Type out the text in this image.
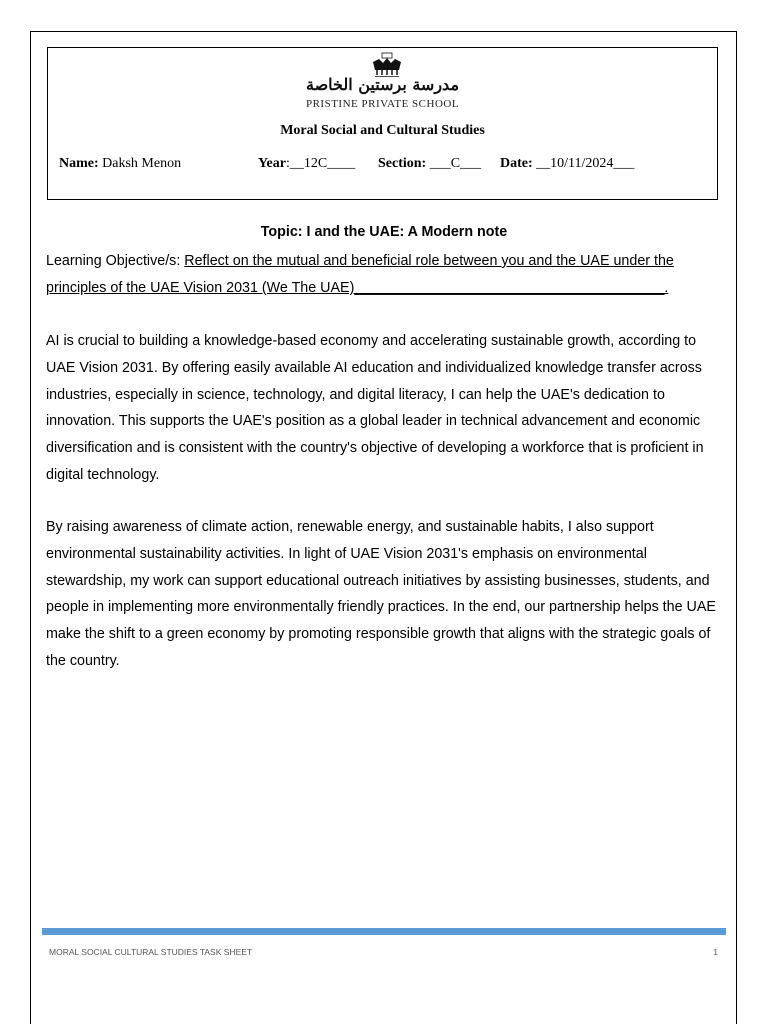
مدرسة برستين الخاصة
PRISTINE PRIVATE SCHOOL
Moral Social and Cultural Studies
Name: Daksh Menon	Year:__12C____ Section: ___C___ Date: __10/11/2024___
Topic: I and the UAE: A Modern note
Learning Objective/s: Reflect on the mutual and beneficial role between you and the UAE under the principles of the UAE Vision 2031 (We The UAE)_______________________________________.
AI is crucial to building a knowledge-based economy and accelerating sustainable growth, according to UAE Vision 2031. By offering easily available AI education and individualized knowledge transfer across industries, especially in science, technology, and digital literacy, I can help the UAE's dedication to innovation. This supports the UAE's position as a global leader in technical advancement and economic diversification and is consistent with the country's objective of developing a workforce that is proficient in digital technology.
By raising awareness of climate action, renewable energy, and sustainable habits, I also support environmental sustainability activities. In light of UAE Vision 2031's emphasis on environmental stewardship, my work can support educational outreach initiatives by assisting businesses, students, and people in implementing more environmentally friendly practices. In the end, our partnership helps the UAE make the shift to a green economy by promoting responsible growth that aligns with the strategic goals of the country.
MORAL SOCIAL CULTURAL STUDIES TASK SHEET	1
